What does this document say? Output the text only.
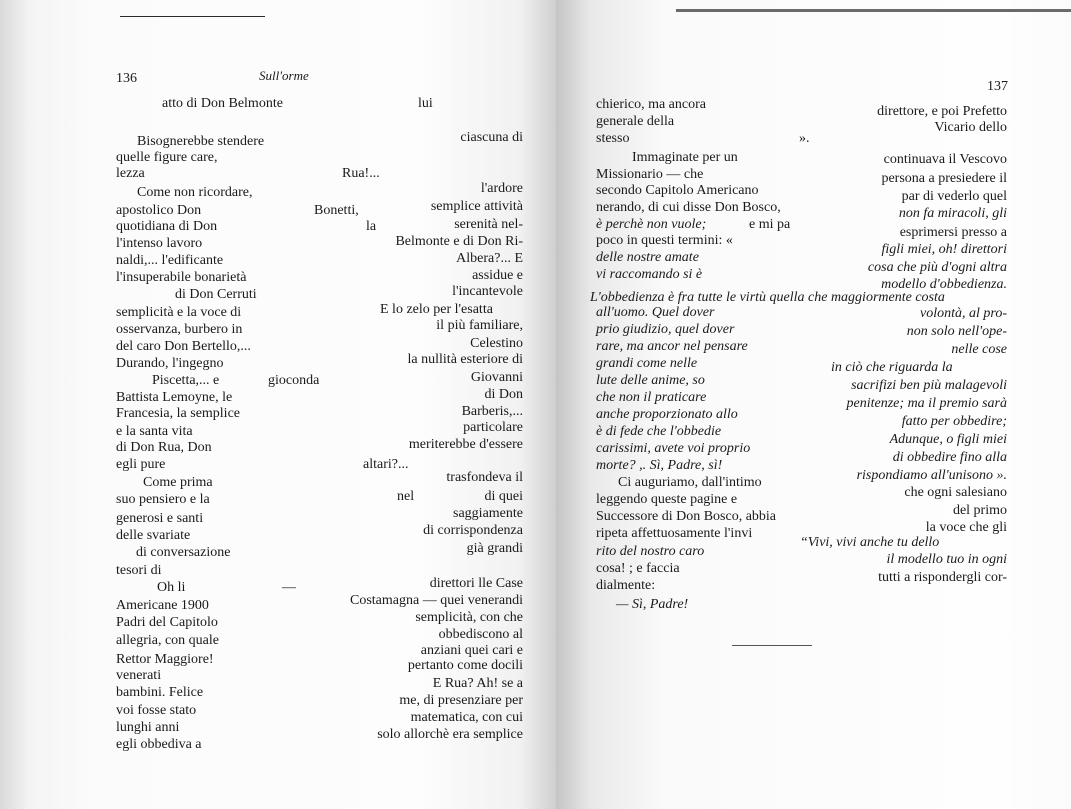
136	Sull'orme
atto di Don Belmonte	lui
Bisognerebbe stendere	ciascuna di
quelle figure care,
lezza	Rua!...
Come non ricordare,	l'ardore
apostolico Don	Bonetti,	semplice attività
quotidiana di Don	la	serenità nel-
l'intenso lavoro	Belmonte e di Don Ri-
naldi,... l'edificante	Albera?... E
assidue e
l'insuperabile bonarietà
l'incantevole
di Don Cerruti
semplicità e la voce di	E lo zelo per l'esatta
osservanza, burbero in	il più familiare,
del caro Don Bertello,...	Celestino
Durando, l'ingegno	la nullità esteriore di
Piscetta,... e	gioconda	Giovanni
Battista Lemoyne, le	di Don
Francesia, la semplice	Barberis,...
e la santa vita	particolare
di Don Rua, Don	meriterebbe d'essere
egli pure	altari?...
Come prima	trasfondeva il
suo pensiero e la	nel	di quei
generosi e santi	saggiamente
delle svariate	di corrispondenza
di conversazione	già grandi
tesori di
Oh li	—	direttori lle Case
Americane 1900	Costamagna — quei venerandi
Padri del Capitolo	semplicità, con che
obbediscono al
allegria, con quale
anziani quei cari e
Rettor Maggiore!	pertanto come docili
venerati
bambini. Felice
E Rua? Ah! se a
voi fosse stato
me, di presenziare per
lunghi anni
matematica, con cui
egli obbediva a
solo allorchè era semplice
137
chierico, ma ancora	direttore, e poi Prefetto
generale della	Vicario dello
stesso	».
Immaginate per un	continuava il Vescovo
Missionario — che	persona a presiedere il
secondo Capitolo Americano	par di vederlo quel
nerando, di cui disse Don Bosco,	non fa miracoli, gli
è perchè non vuole;	e mi pa
esprimersi presso a
poco in questi termini: «
figli miei, oh! direttori
delle nostre amate
cosa che più d'ogni altra
vi raccomando si è
modello d'obbedienza.
L'obbedienza è fra tutte le virtù quella che maggiormente costa
all'uomo. Quel dover	volontà, al pro-
prio giudizio, quel dover	non solo nell'ope-
rare, ma ancor nel pensare	nelle cose
grandi come nelle	in ciò che riguarda la
lute delle anime, so	sacrifizi ben più malagevoli
che non il praticare	penitenze; ma il premio sarà
anche proporzionato allo	fatto per obbedire;
è di fede che l'obbedie
Adunque, o figli miei
carissimi, avete voi proprio
di obbedire fino alla
morte? ,. Sì, Padre, sì!
rispondiamo all'unisono ».
Ci auguriamo, dall'intimo
che ogni salesiano
leggendo queste pagine e
del primo
Successore di Don Bosco, abbia
la voce che gli
ripeta affettuosamente l'invi
“Vivi, vivi anche tu dello
rito del nostro caro
il modello tuo in ogni
cosa! ; e faccia
tutti a rispondergli cor-
dialmente:
— Sì, Padre!
